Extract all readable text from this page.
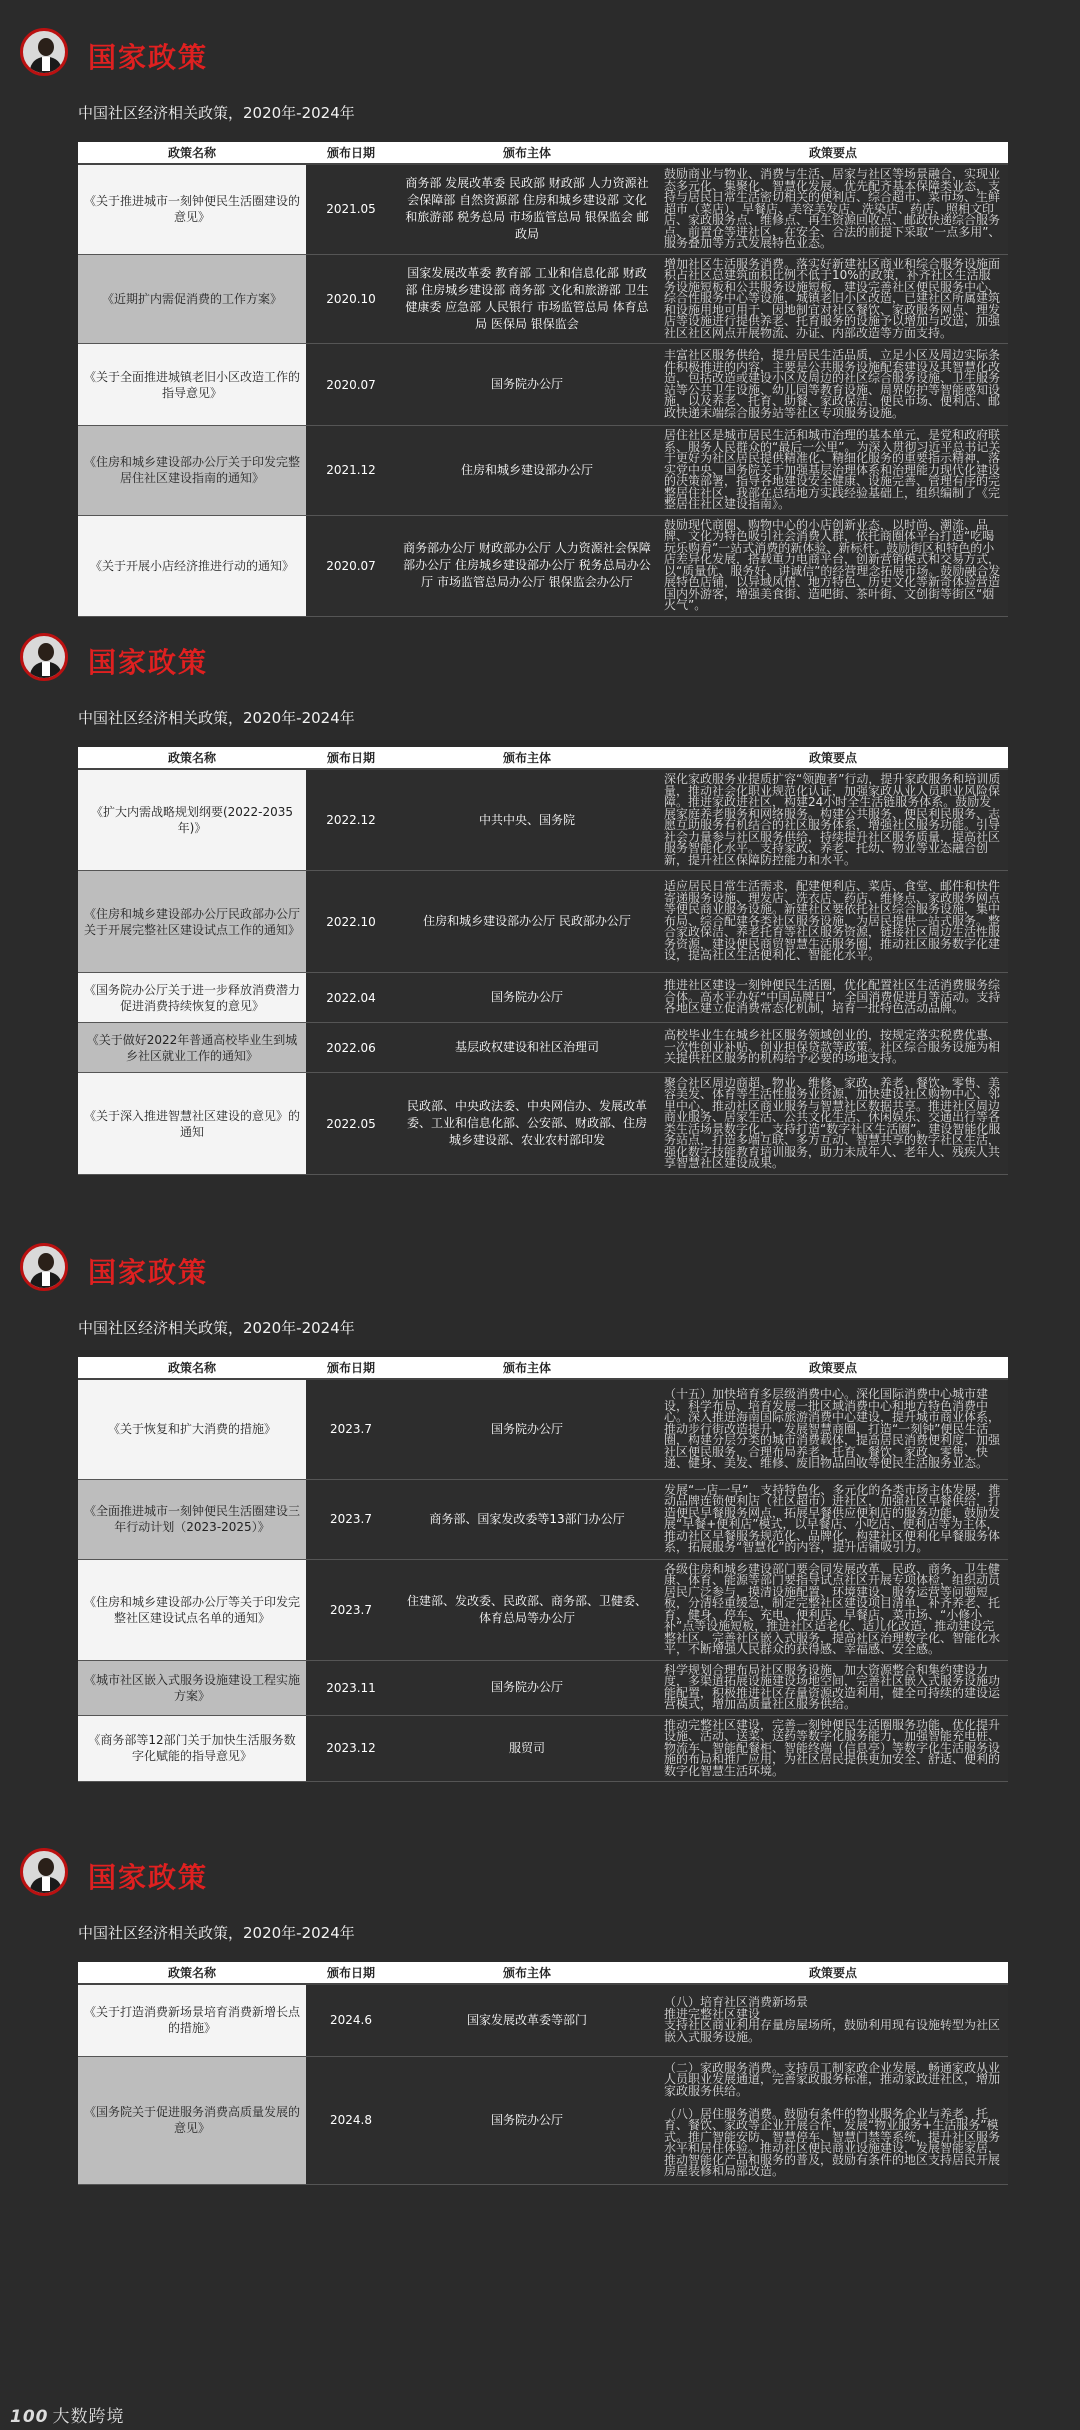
国家政策
中国社区经济相关政策，2020年-2024年
政策名称	颁布日期	颁布主体	政策要点
《关于推进城市一刻钟便民生活圈建设的意见》	2021.05	商务部 发展改革委 民政部 财政部 人力资源社会保障部 自然资源部 住房和城乡建设部 文化和旅游部 税务总局 市场监管总局 银保监会 邮政局	鼓励商业与物业、消费与生活、居家与社区等场景融合，实现业态多元化、集聚化、智慧化发展。优先配齐基本保障类业态，支持与居民日常生活密切相关的便利店、综合超市、菜市场、生鲜超市（菜店）、早餐店、美容美发店、洗染店、药店、照相文印店、家政服务点、维修点、再生资源回收点、邮政快递综合服务点、前置仓等进社区，在安全、合法的前提下采取“一点多用”、服务叠加等方式发展特色业态。
《近期扩内需促消费的工作方案》	2020.10	国家发展改革委 教育部 工业和信息化部 财政部 住房城乡建设部 商务部 文化和旅游部 卫生健康委 应急部 人民银行 市场监管总局 体育总局 医保局 银保监会	增加社区生活服务消费。落实好新建社区商业和综合服务设施面积占社区总建筑面积比例不低于10%的政策，补齐社区生活服务设施短板和公共服务设施短板，建设完善社区便民服务中心、综合性服务中心等设施，城镇老旧小区改造，已建社区所属建筑和设施用地可用于，因地制宜对社区餐饮、家政服务网点、理发店等设施进行提供养老、托育服务的设施予以增加与改造，加强社区社区网点开展物流、办证、内部改造等方面支持。
《关于全面推进城镇老旧小区改造工作的指导意见》	2020.07	国务院办公厅	丰富社区服务供给，提升居民生活品质，立足小区及周边实际条件积极推进的内容，主要是公共服务设施配套建设及其智慧化改造，包括改造或建设小区及周边的社区综合服务设施、卫生服务站等公共卫生设施、幼儿园等教育设施、周界防护等智能感知设施，以及养老、托育、助餐、家政保洁、便民市场、便利店、邮政快递末端综合服务站等社区专项服务设施。
《住房和城乡建设部办公厅关于印发完整居住社区建设指南的通知》	2021.12	住房和城乡建设部办公厅	居住社区是城市居民生活和城市治理的基本单元，是党和政府联系、服务人民群众的“最后一公里”。为深入贯彻习近平总书记关于更好为社区居民提供精准化、精细化服务的重要指示精神，落实党中央、国务院关于加强基层治理体系和治理能力现代化建设的决策部署，指导各地建设安全健康、设施完善、管理有序的完整居住社区，我部在总结地方实践经验基础上，组织编制了《完整居住社区建设指南》。
《关于开展小店经济推进行动的通知》	2020.07	商务部办公厅 财政部办公厅 人力资源社会保障部办公厅 住房城乡建设部办公厅 税务总局办公厅 市场监管总局办公厅 银保监会办公厅	鼓励现代商圈、购物中心的小店创新业态，以时尚、潮流、品牌、文化为特色吸引社会消费人群，依托商圈体平台打造“吃喝玩乐购看”一站式消费的新体验、新标杆。鼓励街区和特色的小店差异化发展，搭载重力电商平台，创新营销模式和交易方式，以“质量优、服务好、讲诚信”的经营理念拓展市场。鼓励融合发展特色店铺，以异域风情、地方特色、历史文化等新奇体验营造国内外游客，增强美食街、造吧街、茶叶街、文创街等街区“烟火气”。
国家政策
中国社区经济相关政策，2020年-2024年
政策名称	颁布日期	颁布主体	政策要点
《扩大内需战略规划纲要(2022-2035年)》	2022.12	中共中央、国务院	深化家政服务业提质扩容“领跑者”行动，提升家政服务和培训质量，推动社会化职业规范化认证，加强家政从业人员职业风险保障。推进家政进社区，构建24小时全生活链服务体系。鼓励发展家庭养老服务和网络服务。构建公共服务、便民利民服务、志愿互助服务有机结合的社区服务体系，增强社区服务功能。引导社会力量参与社区服务供给，持续提升社区服务质量，提高社区服务智能化水平。支持家政、养老、托幼、物业等业态融合创新，提升社区保障防控能力和水平。
《住房和城乡建设部办公厅民政部办公厅关于开展完整社区建设试点工作的通知》	2022.10	住房和城乡建设部办公厅 民政部办公厅	适应居民日常生活需求，配建便利店、菜店、食堂、邮件和快件寄递服务设施、理发店、洗衣店、药店、维修点、家政服务网点等便民商业服务设施。新建社区要依托社区综合服务设施，集中布局、综合配建各类社区服务设施，为居民提供一站式服务。整合家政保洁、养老托育等社区服务资源，链接社区周边生活性服务资源，建设便民商贸智慧生活服务圈，推动社区服务数字化建设，提高社区生活便利化、智能化水平。
《国务院办公厅关于进一步释放消费潜力促进消费持续恢复的意见》	2022.04	国务院办公厅	推进社区建设一刻钟便民生活圈，优化配置社区生活消费服务综合体。高水平办好“中国品牌日”，全国消费促进月等活动。支持各地区建立促消费常态化机制，培育一批特色活动品牌。
《关于做好2022年普通高校毕业生到城乡社区就业工作的通知》	2022.06	基层政权建设和社区治理司	高校毕业生在城乡社区服务领域创业的，按规定落实税费优惠、一次性创业补贴、创业担保贷款等政策。社区综合服务设施为相关提供社区服务的机构给予必要的场地支持。
《关于深入推进智慧社区建设的意见》的通知	2022.05	民政部、中央政法委、中央网信办、发展改革委、工业和信息化部、公安部、财政部、住房城乡建设部、农业农村部印发	聚合社区周边商超、物业、维修、家政、养老、餐饮、零售、美容美发、体育等生活性服务业资源，加快建设社区购物中心、邻里中心，推动社区商业服务与智慧社区数据共享。推进社区周边商业服务、居家生活、公共文化生活、休闲娱乐、交通出行等各类生活场景数字化，支持打造“数字社区生活圈”。建设智能化服务站点，打造多端互联、多方互动、智慧共享的数字社区生活，强化数字技能教育培训服务，助力未成年人、老年人、残疾人共享智慧社区建设成果。
国家政策
中国社区经济相关政策，2020年-2024年
政策名称	颁布日期	颁布主体	政策要点
《关于恢复和扩大消费的措施》	2023.7	国务院办公厅	（十五）加快培育多层级消费中心。深化国际消费中心城市建设，科学布局、培育发展一批区域消费中心和地方特色消费中心。深入推进海南国际旅游消费中心建设，提升城市商业体系，推动步行街改造提升，发展智慧商圈，打造“一刻钟”便民生活圈，构建分层分类的城市消费载体，提高居民消费便利度，加强社区便民服务，合理布局养老、托育、餐饮、家政、零售、快递、健身、美发、维修、废旧物品回收等便民生活服务业态。
《全面推进城市一刻钟便民生活圈建设三年行动计划（2023-2025）》	2023.7	商务部、国家发改委等13部门办公厅	发展“一店一早”，支持特色化、多元化的各类市场主体发展，推动品牌连锁便利店（社区超市）进社区，加强社区早餐供给，打造便民早餐服务网点，拓展早餐供应便利店的服务功能，鼓励发展“早餐+便利店”模式，以早餐店、小吃店、便利店等为主体，推动社区早餐服务规范化、品牌化，构建社区便利化早餐服务体系，拓展服务“智慧化”的内容，提升店铺吸引力。
《住房和城乡建设部办公厅等关于印发完整社区建设试点名单的通知》	2023.7	住建部、发改委、民政部、商务部、卫健委、体育总局等办公厅	各级住房和城乡建设部门要会同发展改革、民政、商务、卫生健康、体育、能源等部门要指导试点社区开展专项体检，组织动员居民广泛参与，摸清设施配置、环境建设、服务运营等问题短板，分清轻重缓急，制定完整社区建设项目清单，补齐养老、托育、健身、停车、充电、便利店、早餐店、菜市场、“小修小补”点等设施短板，推进社区适老化、适儿化改造，推动建设完整社区，完善社区嵌入式服务，提高社区治理数字化、智能化水平，不断增强人民群众的获得感、幸福感、安全感。
《城市社区嵌入式服务设施建设工程实施方案》	2023.11	国务院办公厅	科学规划合理布局社区服务设施，加大资源整合和集约建设力度，多渠道拓展设施建设场地空间，完善社区嵌入式服务设施功能配置，积极推进社区存量资源改造利用，健全可持续的建设运营模式，增加高质量社区服务供给。
《商务部等12部门关于加快生活服务数字化赋能的指导意见》	2023.12	服贸司	推动完整社区建设，完善一刻钟便民生活圈服务功能，优化提升设施、活动、送菜、送药等数字化服务能力，加强智能充电桩、物流车、智能配餐柜、智能终端（信息亭）等数字化生活服务设施的布局和推广应用，为社区居民提供更加安全、舒适、便利的数字化智慧生活环境。
国家政策
中国社区经济相关政策，2020年-2024年
政策名称	颁布日期	颁布主体	政策要点
《关于打造消费新场景培育消费新增长点的措施》	2024.6	国家发展改革委等部门	（八）培育社区消费新场景
推进完整社区建设
支持社区商业利用存量房屋场所，鼓励利用现有设施转型为社区嵌入式服务设施。
《国务院关于促进服务消费高质量发展的意见》	2024.8	国务院办公厅	（二）家政服务消费。支持员工制家政企业发展，畅通家政从业人员职业发展通道，完善家政服务标准，推动家政进社区，增加家政服务供给。

（八）居住服务消费。鼓励有条件的物业服务企业与养老、托育、餐饮、家政等企业开展合作，发展“物业服务+生活服务”模式。推广智能安防、智慧停车、智慧门禁等系统，提升社区服务水平和居住体验。推动社区便民商业设施建设，发展智能家居，推动智能化产品和服务的普及，鼓励有条件的地区支持居民开展房屋装修和局部改造。
100 大数跨境
